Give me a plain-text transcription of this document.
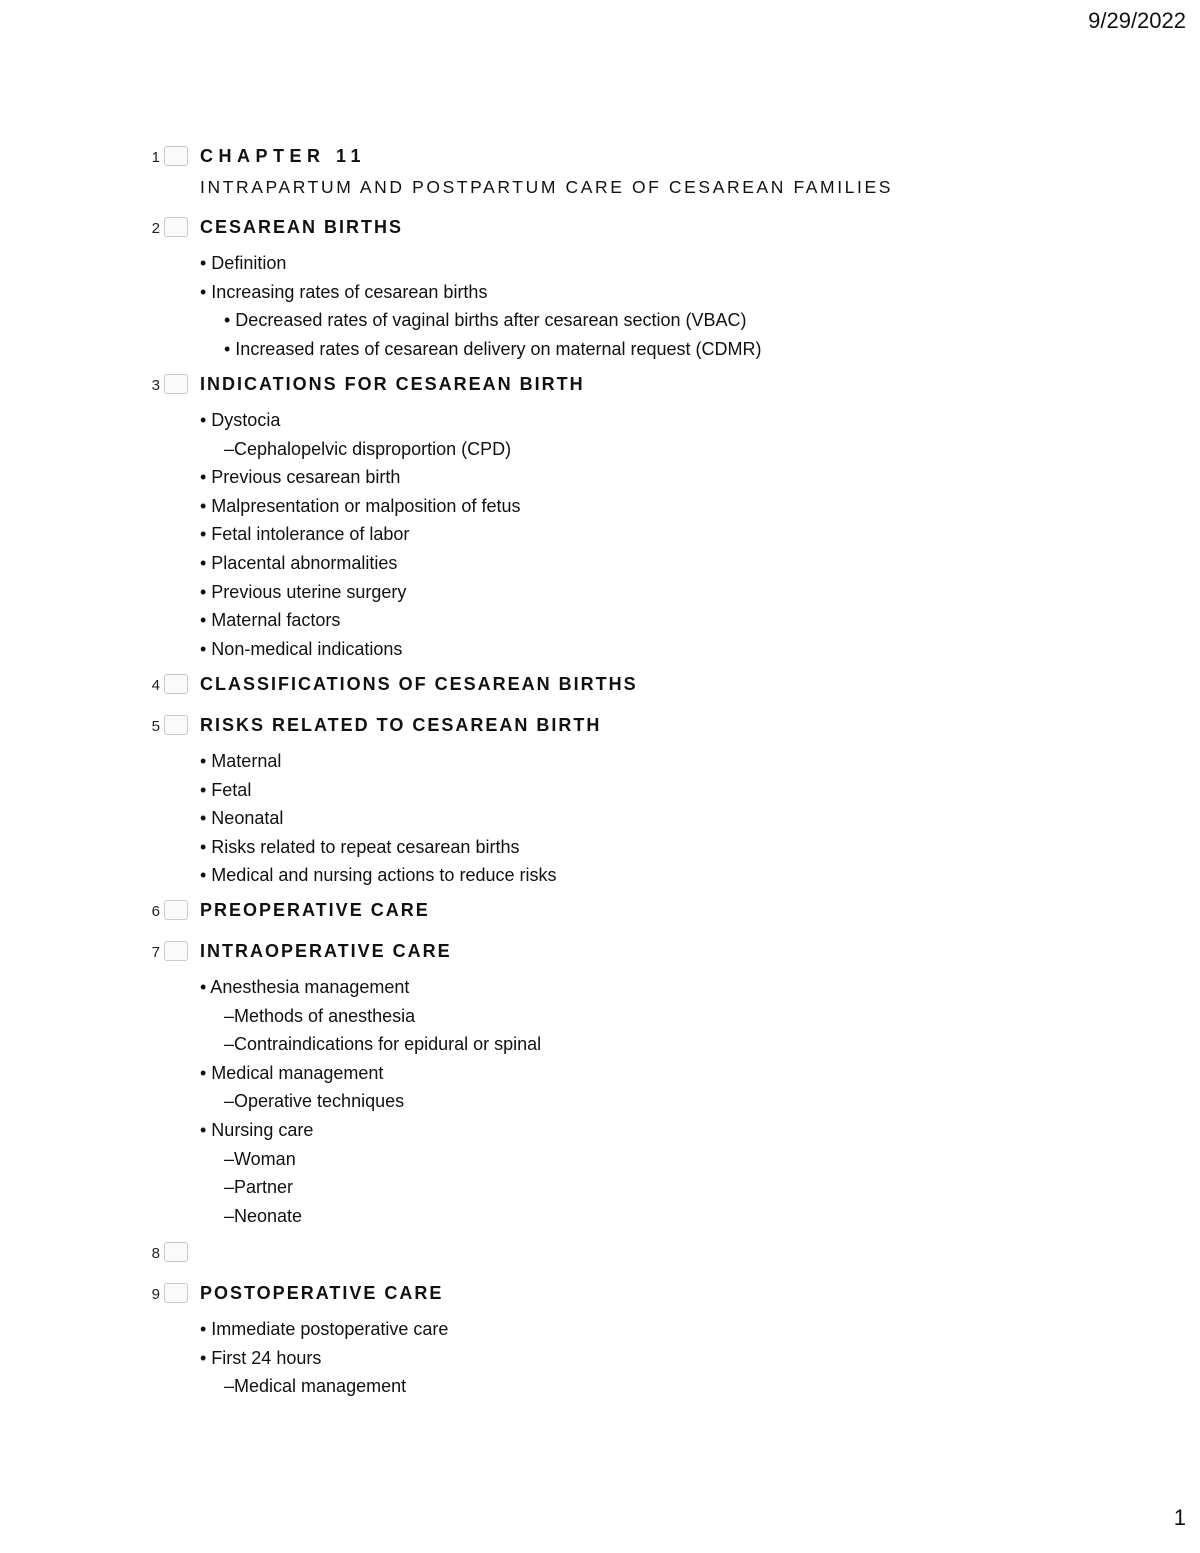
9/29/2022
1 CHAPTER 11
INTRAPARTUM AND POSTPARTUM CARE OF CESAREAN FAMILIES
2 CESAREAN BIRTHS
• Definition
• Increasing rates of cesarean births
• Decreased rates of vaginal births after cesarean section (VBAC)
• Increased rates of cesarean delivery on maternal request (CDMR)
3 INDICATIONS FOR CESAREAN BIRTH
• Dystocia
–Cephalopelvic disproportion (CPD)
• Previous cesarean birth
• Malpresentation or malposition of fetus
• Fetal intolerance of labor
• Placental abnormalities
• Previous uterine surgery
• Maternal factors
• Non-medical indications
4 CLASSIFICATIONS OF CESAREAN BIRTHS
5 RISKS RELATED TO CESAREAN BIRTH
• Maternal
• Fetal
• Neonatal
• Risks related to repeat cesarean births
• Medical and nursing actions to reduce risks
6 PREOPERATIVE CARE
7 INTRAOPERATIVE CARE
• Anesthesia management
–Methods of anesthesia
–Contraindications for epidural or spinal
• Medical management
–Operative techniques
• Nursing care
–Woman
–Partner
–Neonate
8
9 POSTOPERATIVE CARE
• Immediate postoperative care
• First 24 hours
–Medical management
1
